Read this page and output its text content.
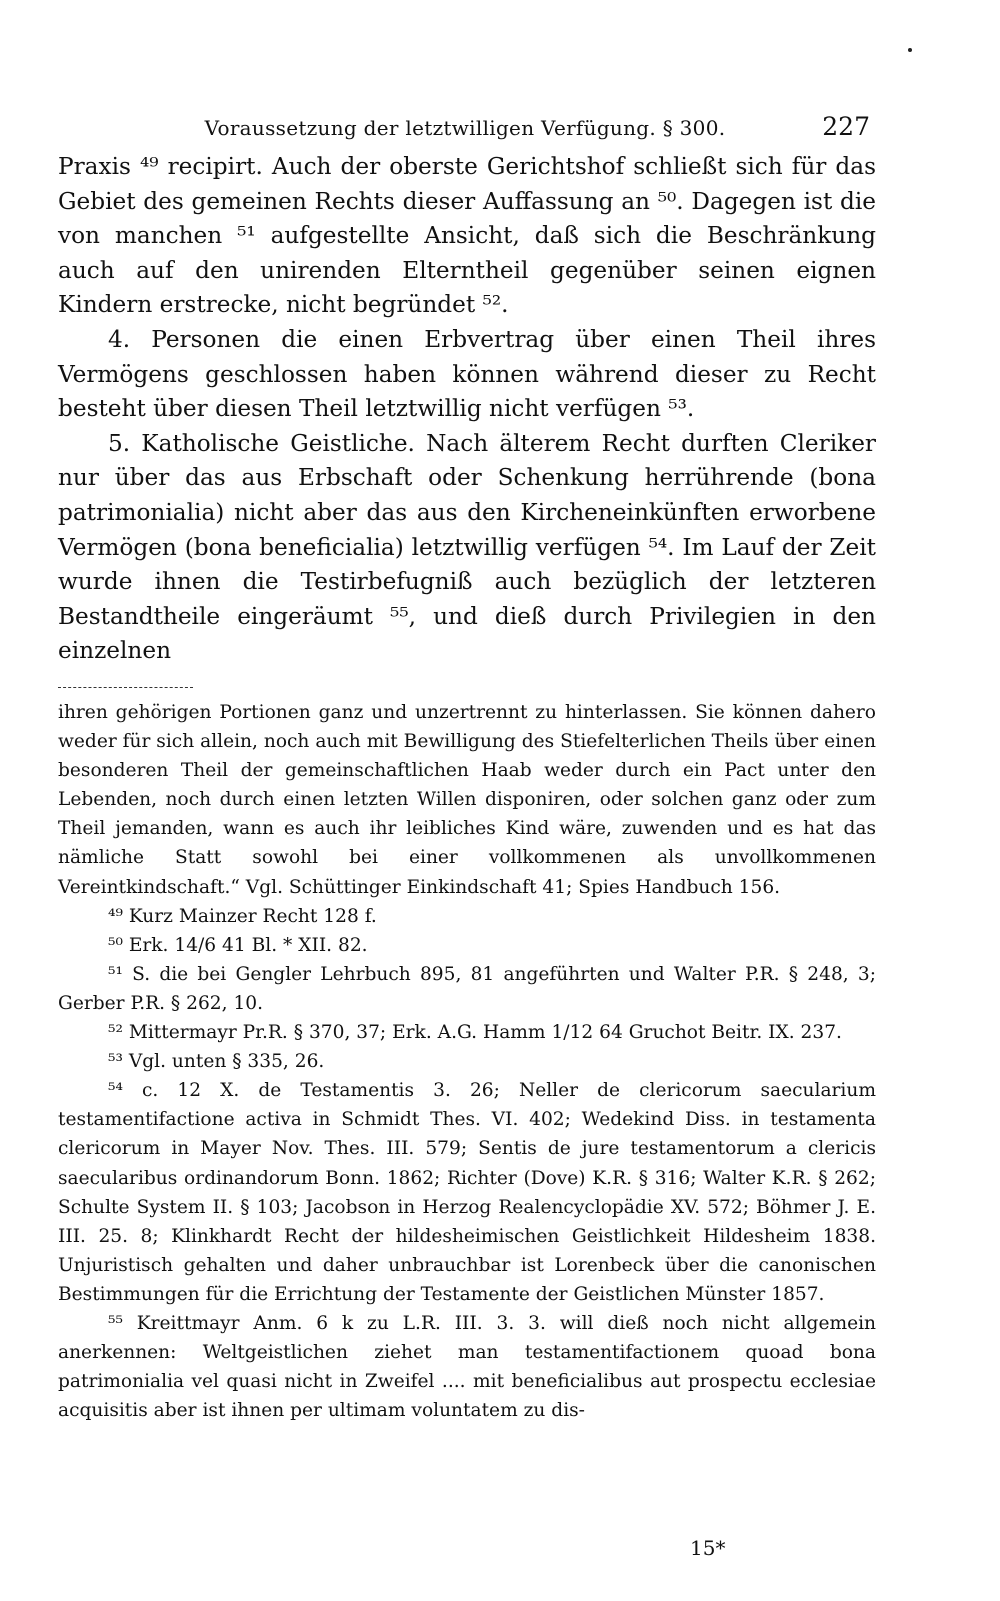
Voraussetzung der letztwilligen Verfügung. § 300.	227

Praxis ⁴⁹ recipirt. Auch der oberste Gerichtshof schließt sich für das Gebiet des gemeinen Rechts dieser Auffassung an ⁵⁰. Dagegen ist die von manchen ⁵¹ aufgestellte Ansicht, daß sich die Beschränkung auch auf den unirenden Elterntheil gegenüber seinen eignen Kindern erstrecke, nicht begründet ⁵².

4. Personen die einen Erbvertrag über einen Theil ihres Vermögens geschlossen haben können während dieser zu Recht besteht über diesen Theil letztwillig nicht verfügen ⁵³.

5. Katholische Geistliche. Nach älterem Recht durften Cleriker nur über das aus Erbschaft oder Schenkung herrührende (bona patrimonialia) nicht aber das aus den Kircheneinkünften erworbene Vermögen (bona beneficialia) letztwillig verfügen ⁵⁴. Im Lauf der Zeit wurde ihnen die Testirbefugniß auch bezüglich der letzteren Bestandtheile eingeräumt ⁵⁵, und dieß durch Privilegien in den einzelnen

ihren gehörigen Portionen ganz und unzertrennt zu hinterlassen. Sie können dahero weder für sich allein, noch auch mit Bewilligung des Stiefelterlichen Theils über einen besonderen Theil der gemeinschaftlichen Haab weder durch ein Pact unter den Lebenden, noch durch einen letzten Willen disponiren, oder solchen ganz oder zum Theil jemanden, wann es auch ihr leibliches Kind wäre, zuwenden und es hat das nämliche Statt sowohl bei einer vollkommenen als unvollkommenen Vereintkindschaft.“ Vgl. Schüttinger Einkindschaft 41; Spies Handbuch 156.

⁴⁹ Kurz Mainzer Recht 128 f.

⁵⁰ Erk. 14/6 41 Bl. * XII. 82.

⁵¹ S. die bei Gengler Lehrbuch 895, 81 angeführten und Walter P.R. § 248, 3; Gerber P.R. § 262, 10.

⁵² Mittermayr Pr.R. § 370, 37; Erk. A.G. Hamm 1/12 64 Gruchot Beitr. IX. 237.

⁵³ Vgl. unten § 335, 26.

⁵⁴ c. 12 X. de Testamentis 3. 26; Neller de clericorum saecularium testamentifactione activa in Schmidt Thes. VI. 402; Wedekind Diss. in testamenta clericorum in Mayer Nov. Thes. III. 579; Sentis de jure testamentorum a clericis saecularibus ordinandorum Bonn. 1862; Richter (Dove) K.R. § 316; Walter K.R. § 262; Schulte System II. § 103; Jacobson in Herzog Realencyclopädie XV. 572; Böhmer J. E. III. 25. 8; Klinkhardt Recht der hildesheimischen Geistlichkeit Hildesheim 1838. Unjuristisch gehalten und daher unbrauchbar ist Lorenbeck über die canonischen Bestimmungen für die Errichtung der Testamente der Geistlichen Münster 1857.

⁵⁵ Kreittmayr Anm. 6 k zu L.R. III. 3. 3. will dieß noch nicht allgemein anerkennen: Weltgeistlichen ziehet man testamentifactionem quoad bona patrimonialia vel quasi nicht in Zweifel .... mit beneficialibus aut prospectu ecclesiae acquisitis aber ist ihnen per ultimam voluntatem zu dis-

15*
